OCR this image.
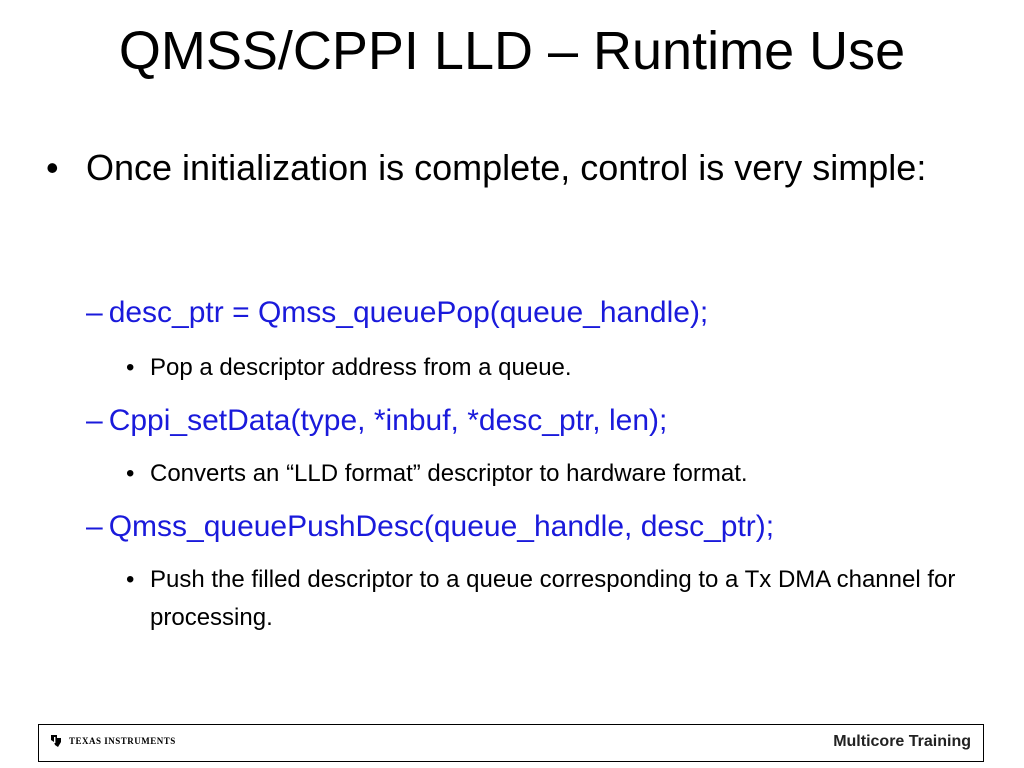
QMSS/CPPI LLD – Runtime Use
• Once initialization is complete, control is very simple:
– desc_ptr = Qmss_queuePop(queue_handle);
• Pop a descriptor address from a queue.
– Cppi_setData(type, *inbuf, *desc_ptr, len);
• Converts an “LLD format” descriptor to hardware format.
– Qmss_queuePushDesc(queue_handle, desc_ptr);
• Push the filled descriptor to a queue corresponding to a Tx DMA channel for processing.
TEXAS INSTRUMENTS	Multicore Training
